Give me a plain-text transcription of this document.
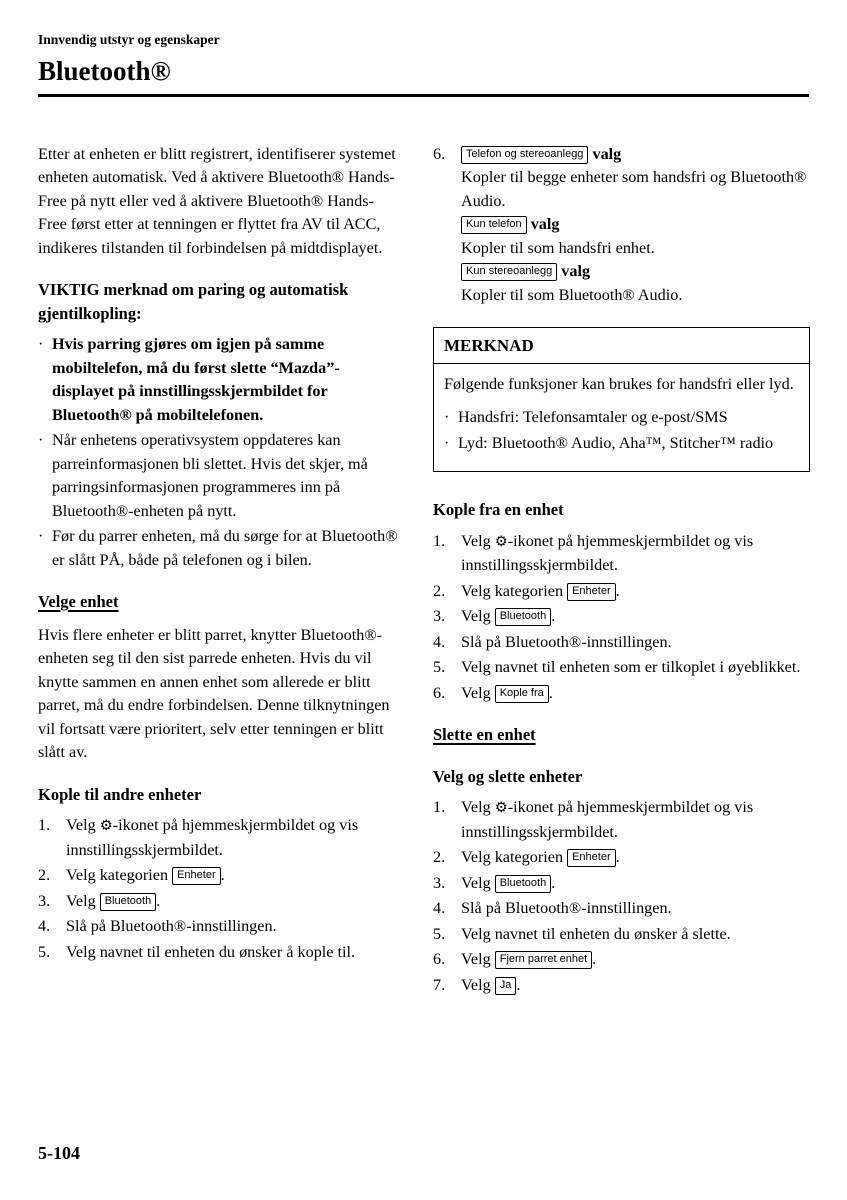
Innvendig utstyr og egenskaper
Bluetooth®

Etter at enheten er blitt registrert, identifiserer systemet enheten automatisk. Ved å aktivere Bluetooth® Hands-Free på nytt eller ved å aktivere Bluetooth® Hands-Free først etter at tenningen er flyttet fra AV til ACC, indikeres tilstanden til forbindelsen på midtdisplayet.

VIKTIG merknad om paring og automatisk gjentilkopling:
· Hvis parring gjøres om igjen på samme mobiltelefon, må du først slette “Mazda”-displayet på innstillingsskjermbildet for Bluetooth® på mobiltelefonen.
· Når enhetens operativsystem oppdateres kan parreinformasjonen bli slettet. Hvis det skjer, må parringsinformasjonen programmeres inn på Bluetooth®-enheten på nytt.
· Før du parrer enheten, må du sørge for at Bluetooth® er slått PÅ, både på telefonen og i bilen.
Velge enhet

Hvis flere enheter er blitt parret, knytter Bluetooth®-enheten seg til den sist parrede enheten. Hvis du vil knytte sammen en annen enhet som allerede er blitt parret, må du endre forbindelsen. Denne tilknytningen vil fortsatt være prioritert, selv etter tenningen er blitt slått av.

Kople til andre enheter
1. Velg ⚙-ikonet på hjemmeskjermbildet og vis innstillingsskjermbildet.
2. Velg kategorien Enheter .
3. Velg Bluetooth .
4. Slå på Bluetooth®-innstillingen.
5. Velg navnet til enheten du ønsker å kople til.
6.	Telefon og stereoanlegg valg
Kopler til begge enheter som handsfri og Bluetooth® Audio.
Kun telefon valg
Kopler til som handsfri enhet.
Kun stereoanlegg valg
Kopler til som Bluetooth® Audio.
MERKNAD

Følgende funksjoner kan brukes for handsfri eller lyd.

· Handsfri: Telefonsamtaler og e-post/SMS
· Lyd: Bluetooth® Audio, Aha™, Stitcher™ radio
Kople fra en enhet
1. Velg ⚙-ikonet på hjemmeskjermbildet og vis innstillingsskjermbildet.
2. Velg kategorien Enheter .
3. Velg Bluetooth .
4. Slå på Bluetooth®-innstillingen.
5. Velg navnet til enheten som er tilkoplet i øyeblikket.
6. Velg Kople fra .
Slette en enhet
Velg og slette enheter
1. Velg ⚙-ikonet på hjemmeskjermbildet og vis innstillingsskjermbildet.
2. Velg kategorien Enheter .
3. Velg Bluetooth .
4. Slå på Bluetooth®-innstillingen.
5. Velg navnet til enheten du ønsker å slette.
6. Velg Fjern parret enhet .
7. Velg Ja .
5-104
